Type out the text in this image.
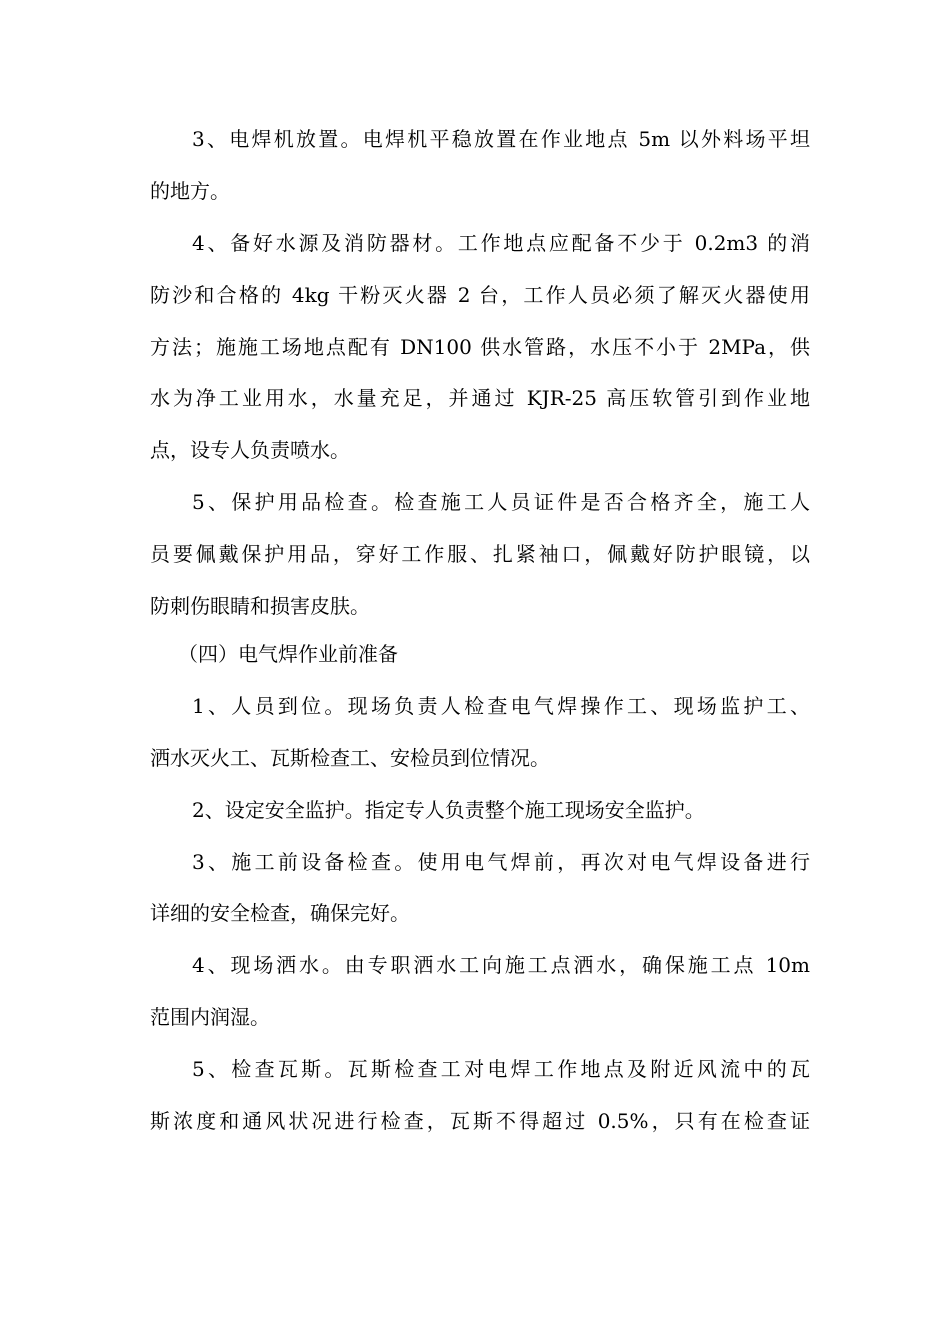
3、电焊机放置。电焊机平稳放置在作业地点 5m 以外料场平坦
的地方。
4、备好水源及消防器材。工作地点应配备不少于 0.2m3 的消
防沙和合格的 4kg 干粉灭火器 2 台，工作人员必须了解灭火器使用
方法；施施工场地点配有 DN100 供水管路，水压不小于 2MPa，供
水为净工业用水，水量充足，并通过 KJR-25 高压软管引到作业地
点，设专人负责喷水。
5、保护用品检查。检查施工人员证件是否合格齐全，施工人
员要佩戴保护用品，穿好工作服、扎紧袖口，佩戴好防护眼镜，以
防刺伤眼睛和损害皮肤。
（四）电气焊作业前准备
1、人员到位。现场负责人检查电气焊操作工、现场监护工、
洒水灭火工、瓦斯检查工、安检员到位情况。
2、设定安全监护。指定专人负责整个施工现场安全监护。
3、施工前设备检查。使用电气焊前，再次对电气焊设备进行
详细的安全检查，确保完好。
4、现场洒水。由专职洒水工向施工点洒水，确保施工点 10m
范围内润湿。
5、检查瓦斯。瓦斯检查工对电焊工作地点及附近风流中的瓦
斯浓度和通风状况进行检查，瓦斯不得超过 0.5%，只有在检查证
